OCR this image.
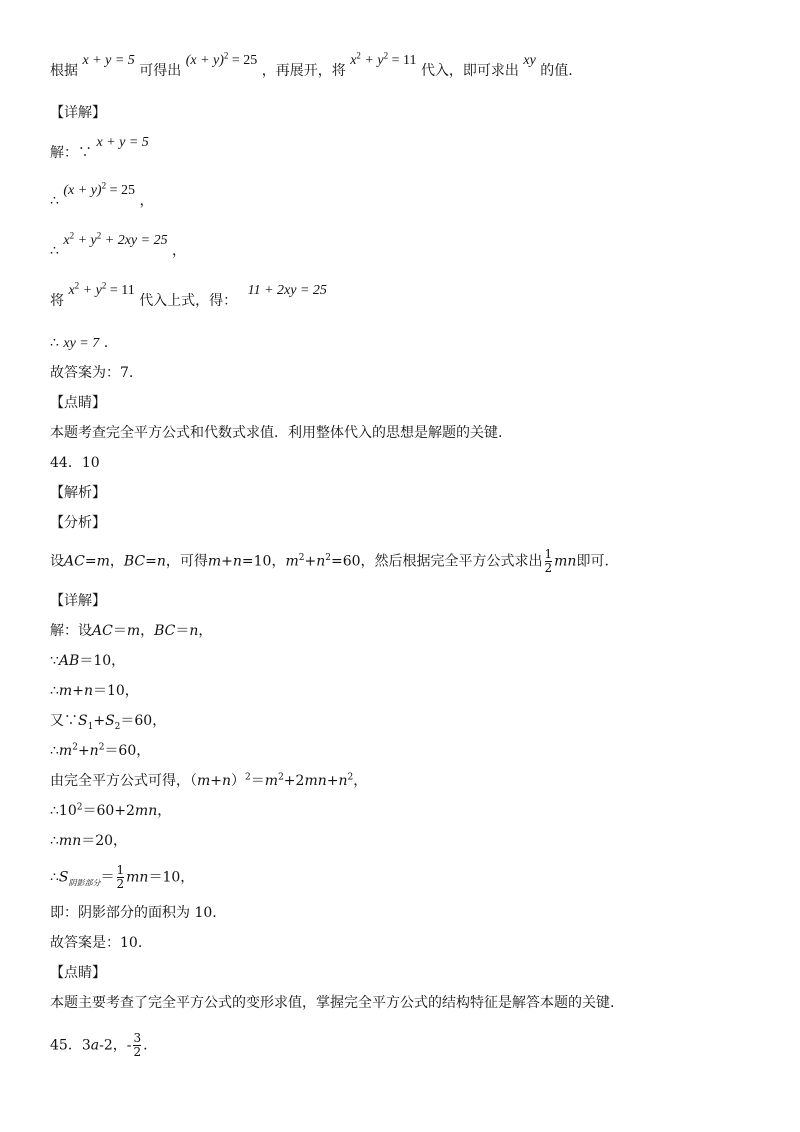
根据 x + y = 5 可得出 $(x + y)^2 = 25$ ，再展开，将 $x^2 + y^2 = 11$ 代入，即可求出 xy 的值.
【详解】
解：∵ x + y = 5
∴ $(x + y)^2 = 25$ ，
∴ $x^2 + y^2 + 2xy = 25$ ，
将 $x^2 + y^2 = 11$ 代入上式，得： 11 + 2xy = 25
∴ xy = 7 .
故答案为：7.
【点睛】
本题考查完全平方公式和代数式求值．利用整体代入的思想是解题的关键.
44．10
【解析】
【分析】
设AC=m，BC=n，可得m+n=10，$m^2+n^2=60$，然后根据完全平方公式求出 $\frac{1}{2}$ mn即可.
【详解】
解：设AC＝m，BC＝n，
∵AB＝10，
∴m+n＝10，
又$\because S_1+S_2=60$，
$\therefore m^2+n^2=60$，
由完全平方公式可得，$(m+n)^2=m^2+2mn+n^2$，
$\therefore 10^2=60+2mn$，
∴mn＝20，
$\therefore S_{阴影部分}= \frac{1}{2} mn=10$，
即：阴影部分的面积为 10.
故答案是：10.
【点睛】
本题主要考查了完全平方公式的变形求值，掌握完全平方公式的结构特征是解答本题的关键.
45．3a-2，- $\frac{3}{2}$ .
